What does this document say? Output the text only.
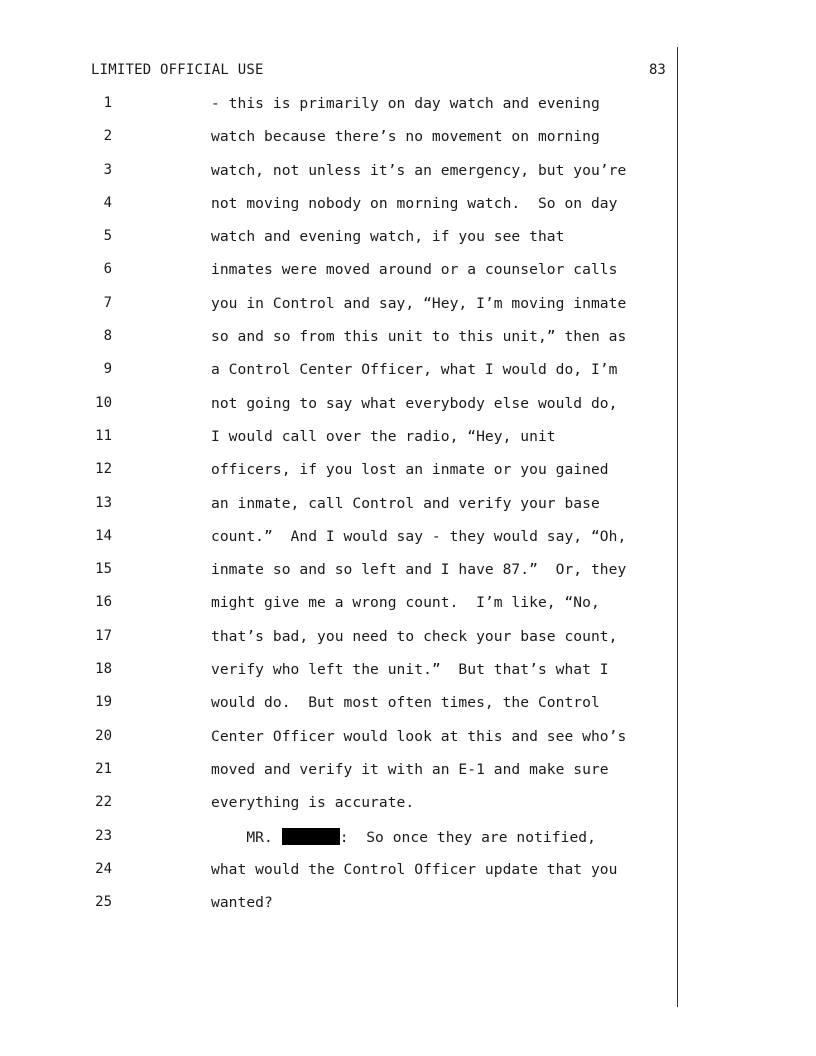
LIMITED OFFICIAL USE	83
1	- this is primarily on day watch and evening
2	watch because there’s no movement on morning
3	watch, not unless it’s an emergency, but you’re
4	not moving nobody on morning watch.  So on day
5	watch and evening watch, if you see that
6	inmates were moved around or a counselor calls
7	you in Control and say, “Hey, I’m moving inmate
8	so and so from this unit to this unit,” then as
9	a Control Center Officer, what I would do, I’m
10	not going to say what everybody else would do,
11	I would call over the radio, “Hey, unit
12	officers, if you lost an inmate or you gained
13	an inmate, call Control and verify your base
14	count.”  And I would say - they would say, “Oh,
15	inmate so and so left and I have 87.”  Or, they
16	might give me a wrong count.  I’m like, “No,
17	that’s bad, you need to check your base count,
18	verify who left the unit.”  But that’s what I
19	would do.  But most often times, the Control
20	Center Officer would look at this and see who’s
21	moved and verify it with an E-1 and make sure
22	everything is accurate.
23	MR.	:  So once they are notified,
24	what would the Control Officer update that you
25	wanted?
